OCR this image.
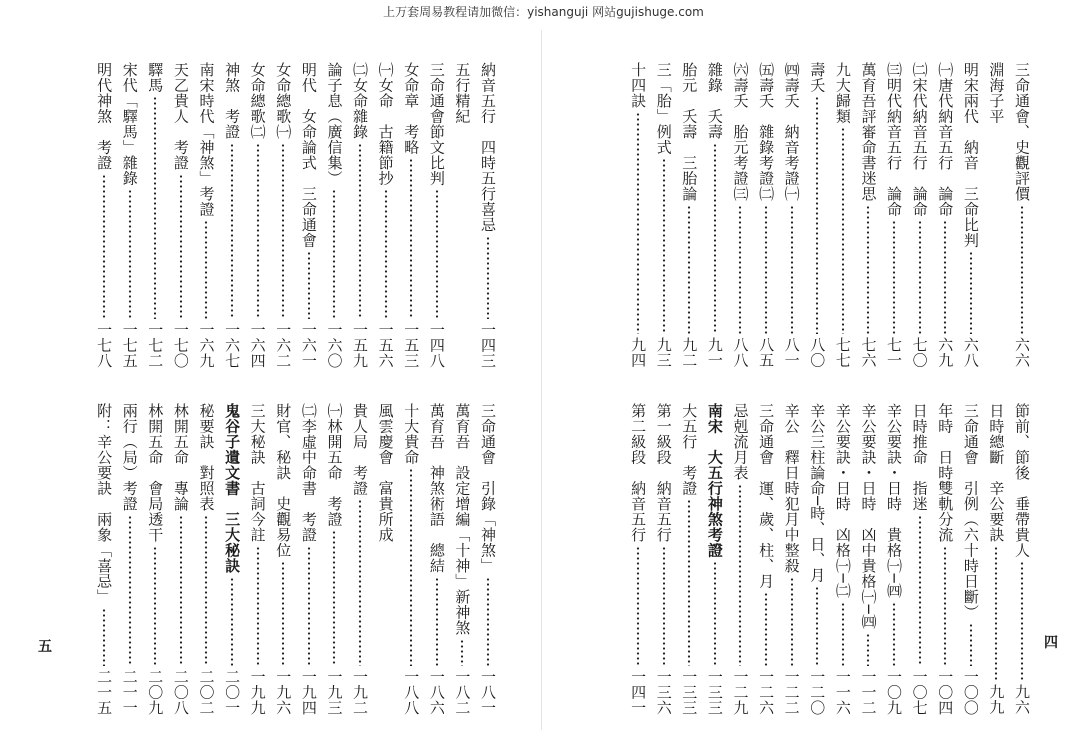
上万套周易教程请加微信：yishanguji 网站gujishuge.com
三命通會、史觀評價
六六
淵海子平
明宋兩代　納音　三命比判
六八
㈠唐代納音五行　論命
六九
㈡宋代納音五行　論命
七〇
㈢明代納音五行　論命
七一
萬育吾評審命書迷思
七六
九大歸類
七七
壽夭
八〇
㈣壽夭　納音考證㈠
八一
㈤壽夭　雜錄考證㈡
八五
㈥壽夭　胎元考證㈢
八八
雜錄　夭壽
九一
胎元　夭壽　三胎論
九二
三「胎」例式
九三
十四訣
九四
節前、節後　垂帶貴人
九六
日時總斷　辛公要訣
九九
三命通會　引例（六十時日斷）
一〇〇
年時　日時雙軌分流
一〇四
日時推命　指迷
一〇七
辛公要訣・日時　貴格㈠─㈣
一〇九
辛公要訣・日時　凶中貴格㈠─㈣
一一二
辛公要訣・日時　凶格㈠─㈡
一一六
辛公三柱論命─時、日、月
一二〇
辛公　釋日時犯月中整殺
一二二
三命通會　運、歲、柱、月
一二六
忌剋流月表
一二九
南宋　大五行神煞考證
一三三
大五行　考證
一三三
第一級段　納音五行
一三六
第二級段　納音五行
一四一
四
納音五行　四時五行喜忌
一四三
五行精紀
三命通會節文比判
一四八
女命章　考略
一五三
㈠女命　古籍節抄
一五六
㈡女命雜錄
一五九
論子息（廣信集）
一六〇
明代　女命論式　三命通會
一六一
女命總歌㈠
一六二
女命總歌㈡
一六四
神煞　考證
一六七
南宋時代「神煞」考證
一六九
天乙貴人　考證
一七〇
驛馬
一七二
宋代「驛馬」雜錄
一七五
明代神煞　考證
一七八
三命通會　引錄「神煞」
一八一
萬育吾　設定增編「十神」新神煞
一八二
萬育吾　神煞術語　總結
一八六
十大貴命
一八八
風雲慶會　富貴所成
貴人局　考證
一九二
㈠林開五命　考證
一九三
㈡李虛中命書　考證
一九四
財官、秘訣　史觀易位
一九六
三大秘訣　古詞今註
一九九
鬼谷子遺文書　三大秘訣
二〇一
秘要訣　對照表
二〇二
林開五命　專論
二〇八
林開五命　會局透干
二〇九
兩行（局）考證
二一一
附：辛公要訣　兩象「喜忌」
二一五
五
